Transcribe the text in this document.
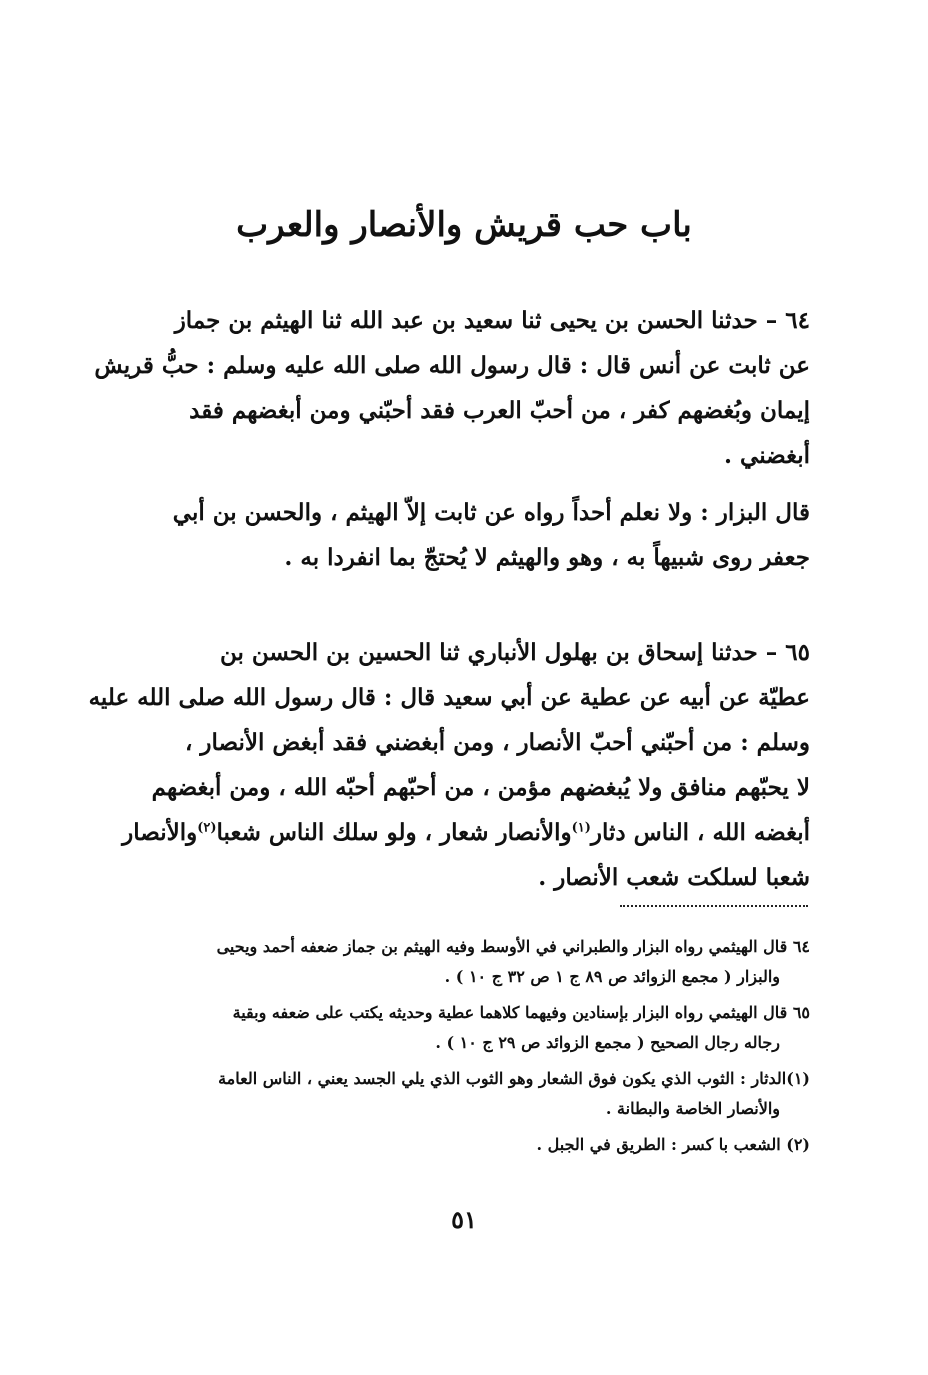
باب حب قريش والأنصار والعرب
٦٤ – حدثنا الحسن بن يحيى ثنا سعيد بن عبد الله ثنا الهيثم بن جماز
عن ثابت عن أنس قال : قال رسول الله صلى الله عليه وسلم : حبُّ قريش
إيمان وبُغضهم كفر ، من أحبّ العرب فقد أحبّني ومن أبغضهم فقد
أبغضني .
قال البزار : ولا نعلم أحداً رواه عن ثابت إلاّ الهيثم ، والحسن بن أبي
جعفر روى شبيهاً به ، وهو والهيثم لا يُحتجّ بما انفردا به .
٦٥ – حدثنا إسحاق بن بهلول الأنباري ثنا الحسين بن الحسن بن
عطيّة عن أبيه عن عطية عن أبي سعيد قال : قال رسول الله صلى الله عليه
وسلم : من أحبّني أحبّ الأنصار ، ومن أبغضني فقد أبغض الأنصار ،
لا يحبّهم منافق ولا يُبغضهم مؤمن ، من أحبّهم أحبّه الله ، ومن أبغضهم
أبغضه الله ، الناس دثار$^{(١)}$والأنصار شعار ، ولو سلك الناس شعبا$^{(٢)}$والأنصار
شعبا لسلكت شعب الأنصار .
٦٤ قال الهيثمي رواه البزار والطبراني في الأوسط وفيه الهيثم بن جماز ضعفه أحمد ويحيى
والبزار ( مجمع الزوائد ص ٨٩ ج ١ ص ٣٢ ج ١٠ ) .
٦٥ قال الهيثمي رواه البزار بإسنادين وفيهما كلاهما عطية وحديثه يكتب على ضعفه وبقية
رجاله رجال الصحيح ( مجمع الزوائد ص ٢٩ ج ١٠ ) .
(١)الدثار : الثوب الذي يكون فوق الشعار وهو الثوب الذي يلي الجسد يعني ، الناس العامة
والأنصار الخاصة والبطانة .
(٢) الشعب با كسر : الطريق في الجبل .
٥١
